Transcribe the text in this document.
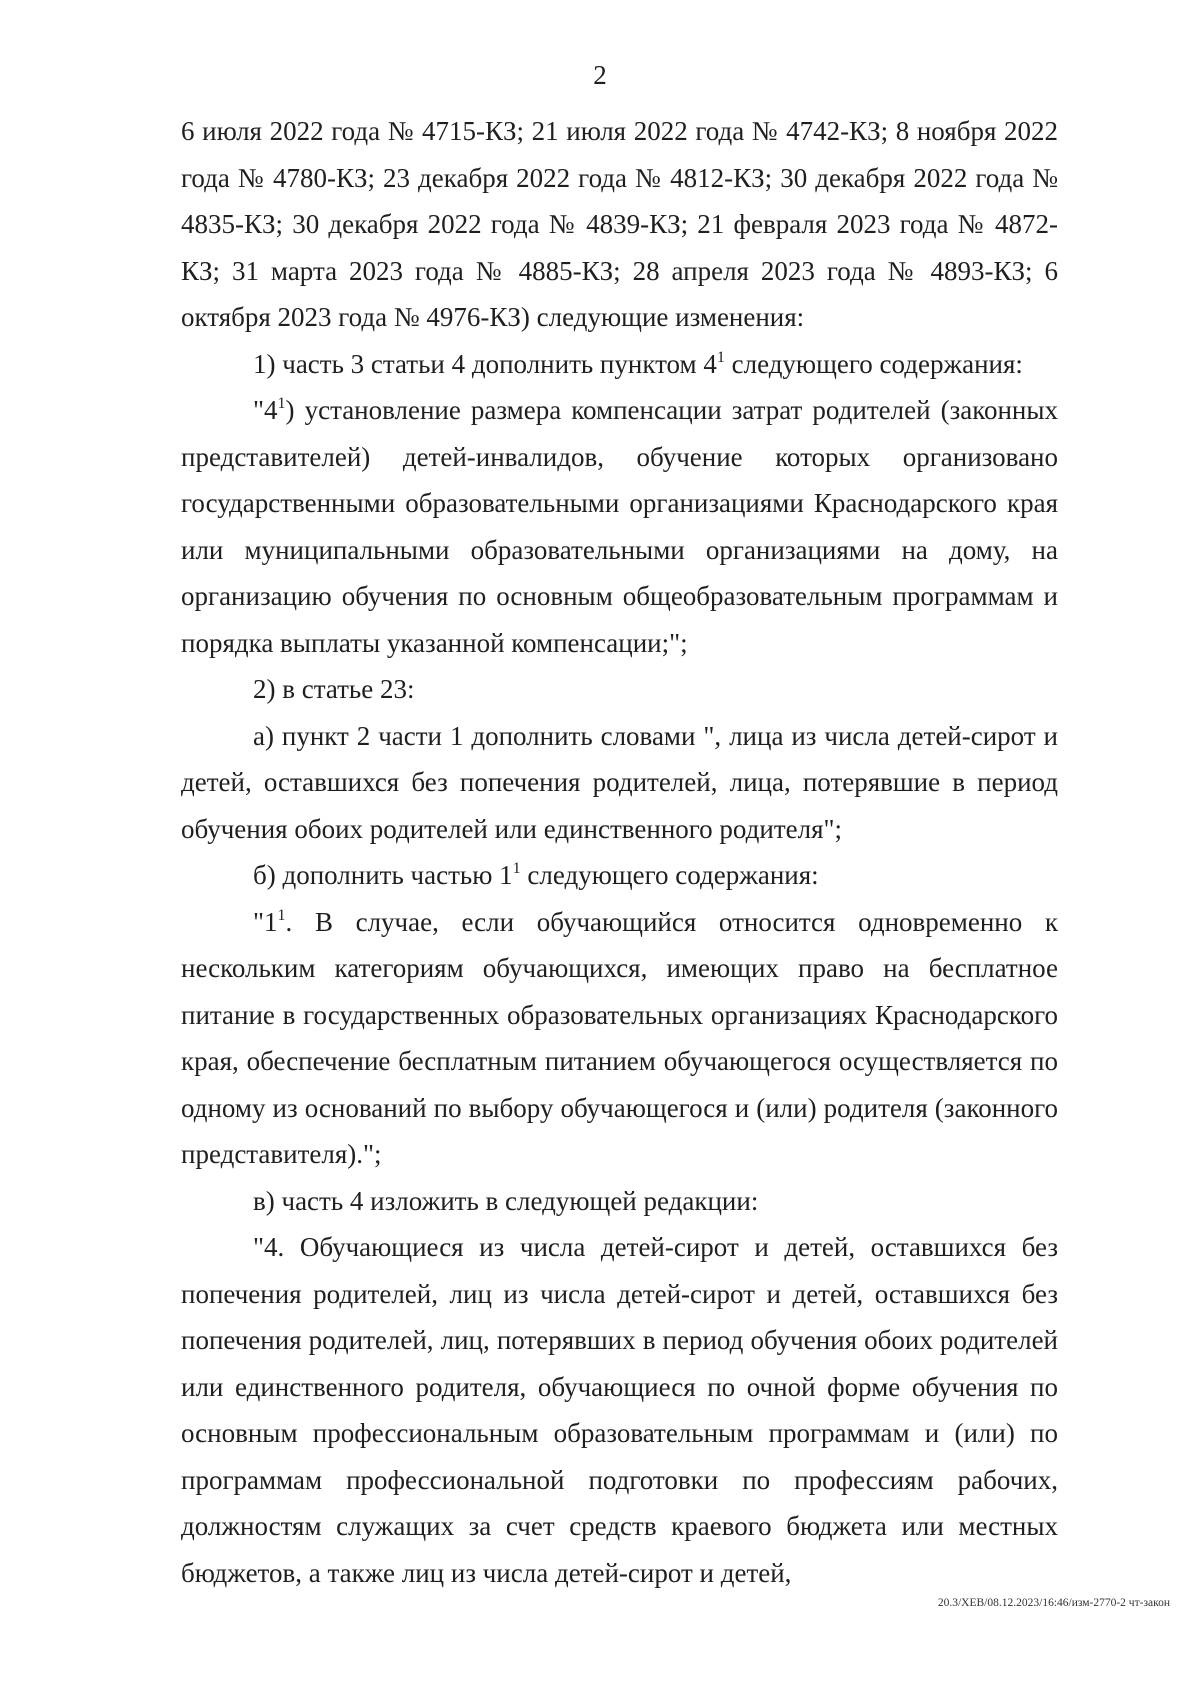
2

6 июля 2022 года № 4715-КЗ; 21 июля 2022 года № 4742-КЗ; 8 ноября 2022 года № 4780-КЗ; 23 декабря 2022 года № 4812-КЗ; 30 декабря 2022 года № 4835-КЗ; 30 декабря 2022 года № 4839-КЗ; 21 февраля 2023 года № 4872-КЗ; 31 марта 2023 года № 4885-КЗ; 28 апреля 2023 года № 4893-КЗ; 6 октября 2023 года № 4976-КЗ) следующие изменения:

1) часть 3 статьи 4 дополнить пунктом $4^1$ следующего содержания:

"$4^1$) установление размера компенсации затрат родителей (законных представителей) детей-инвалидов, обучение которых организовано государственными образовательными организациями Краснодарского края или муниципальными образовательными организациями на дому, на организацию обучения по основным общеобразовательным программам и порядка выплаты указанной компенсации;";

2) в статье 23:

а) пункт 2 части 1 дополнить словами ", лица из числа детей-сирот и детей, оставшихся без попечения родителей, лица, потерявшие в период обучения обоих родителей или единственного родителя";

б) дополнить частью $1^1$ следующего содержания:

"$1^1$. В случае, если обучающийся относится одновременно к нескольким категориям обучающихся, имеющих право на бесплатное питание в государственных образовательных организациях Краснодарского края, обеспечение бесплатным питанием обучающегося осуществляется по одному из оснований по выбору обучающегося и (или) родителя (законного представителя).";

в) часть 4 изложить в следующей редакции:

"4. Обучающиеся из числа детей-сирот и детей, оставшихся без попечения родителей, лиц из числа детей-сирот и детей, оставшихся без попечения родителей, лиц, потерявших в период обучения обоих родителей или единственного родителя, обучающиеся по очной форме обучения по основным профессиональным образовательным программам и (или) по программам профессиональной подготовки по профессиям рабочих, должностям служащих за счет средств краевого бюджета или местных бюджетов, а также лиц из числа детей-сирот и детей,

20.3/ХЕВ/08.12.2023/16:46/изм-2770-2 чт-закон
